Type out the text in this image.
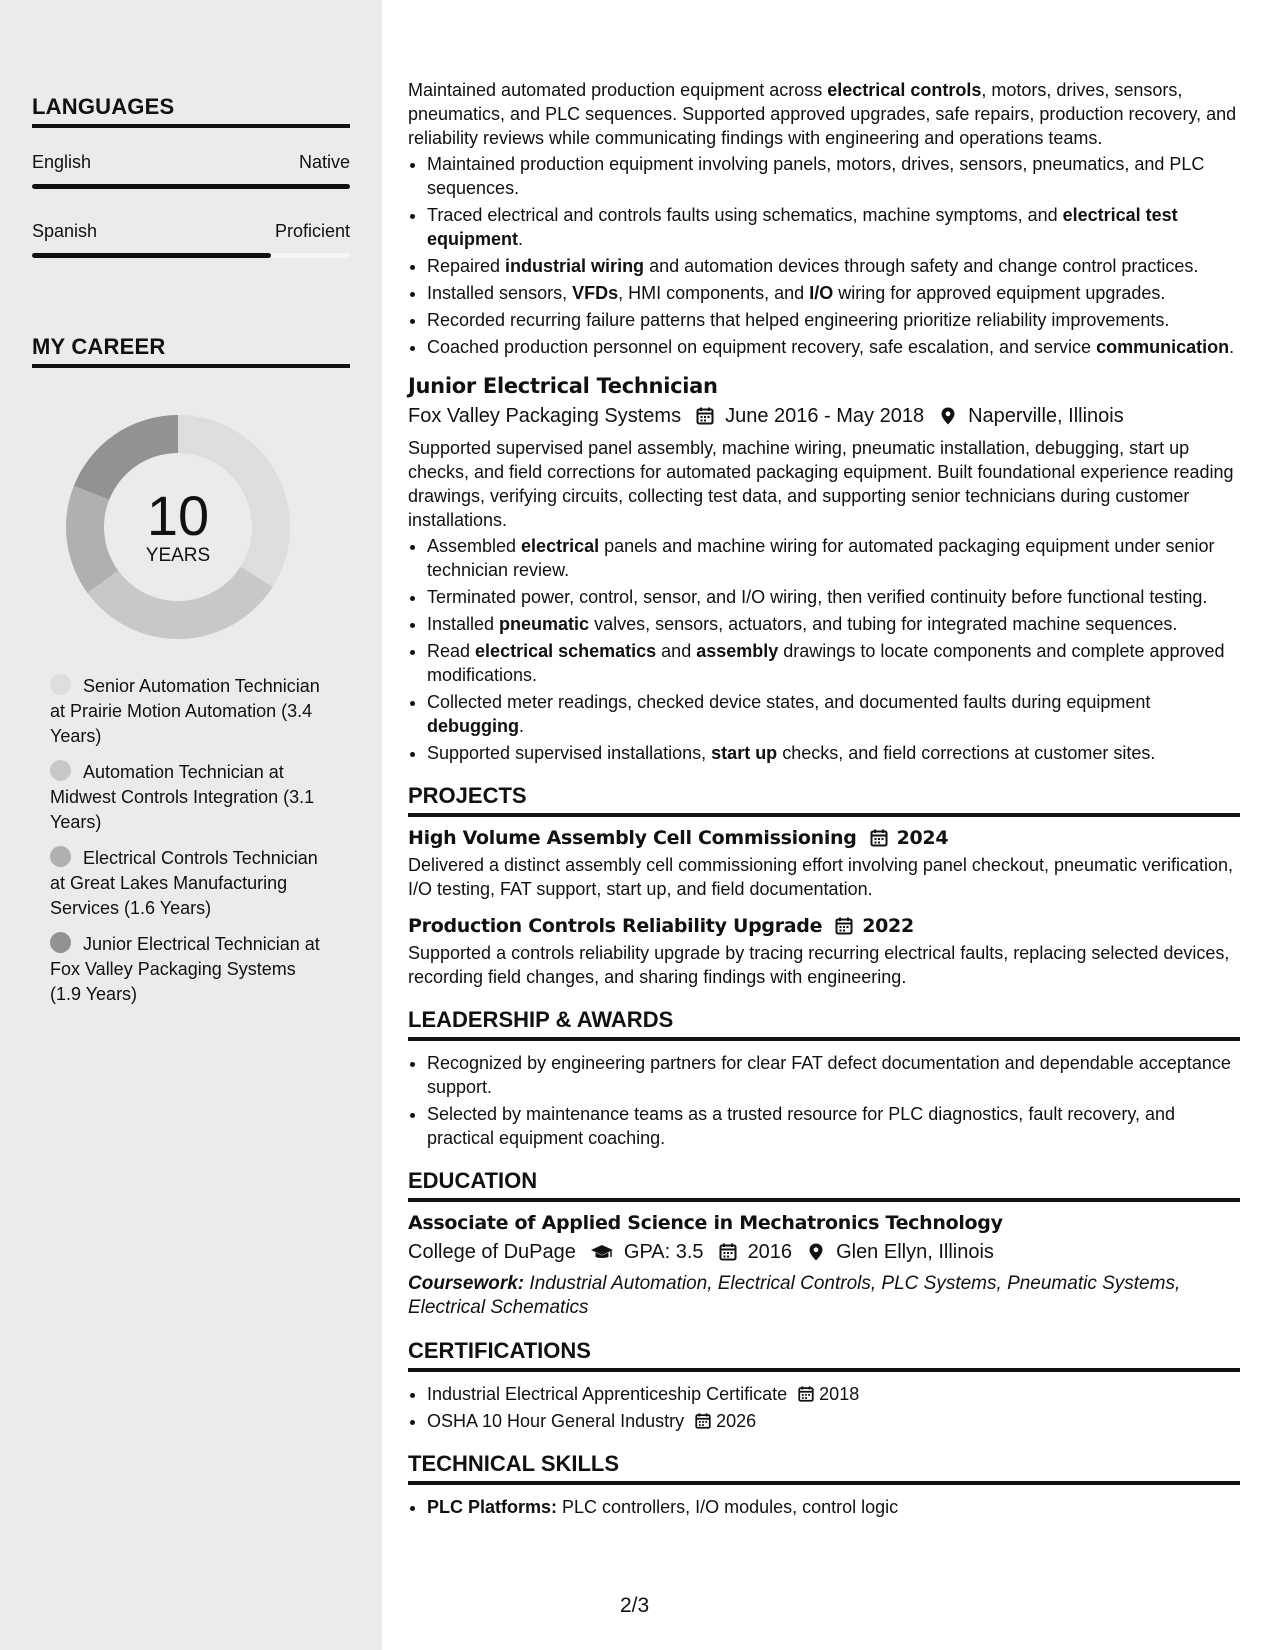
LANGUAGES
English	Native
Spanish	Proficient
MY CAREER
10
YEARS
Senior Automation Technician at Prairie Motion Automation (3.4 Years)
Automation Technician at Midwest Controls Integration (3.1 Years)
Electrical Controls Technician at Great Lakes Manufacturing Services (1.6 Years)
Junior Electrical Technician at Fox Valley Packaging Systems (1.9 Years)

Maintained automated production equipment across electrical controls, motors, drives, sensors, pneumatics, and PLC sequences. Supported approved upgrades, safe repairs, production recovery, and reliability reviews while communicating findings with engineering and operations teams.

• Maintained production equipment involving panels, motors, drives, sensors, pneumatics, and PLC sequences.
• Traced electrical and controls faults using schematics, machine symptoms, and electrical test equipment.
• Repaired industrial wiring and automation devices through safety and change control practices.
• Installed sensors, VFDs, HMI components, and I/O wiring for approved equipment upgrades.
• Recorded recurring failure patterns that helped engineering prioritize reliability improvements.
• Coached production personnel on equipment recovery, safe escalation, and service communication.
Junior Electrical Technician
Fox Valley Packaging Systems June 2016 - May 2018 Naperville, Illinois

Supported supervised panel assembly, machine wiring, pneumatic installation, debugging, start up checks, and field corrections for automated packaging equipment. Built foundational experience reading drawings, verifying circuits, collecting test data, and supporting senior technicians during customer installations.

• Assembled electrical panels and machine wiring for automated packaging equipment under senior technician review.
• Terminated power, control, sensor, and I/O wiring, then verified continuity before functional testing.
• Installed pneumatic valves, sensors, actuators, and tubing for integrated machine sequences.
• Read electrical schematics and assembly drawings to locate components and complete approved modifications.
• Collected meter readings, checked device states, and documented faults during equipment debugging.
• Supported supervised installations, start up checks, and field corrections at customer sites.
PROJECTS
High Volume Assembly Cell Commissioning 2024

Delivered a distinct assembly cell commissioning effort involving panel checkout, pneumatic verification, I/O testing, FAT support, start up, and field documentation.

Production Controls Reliability Upgrade 2022

Supported a controls reliability upgrade by tracing recurring electrical faults, replacing selected devices, recording field changes, and sharing findings with engineering.

LEADERSHIP & AWARDS
• Recognized by engineering partners for clear FAT defect documentation and dependable acceptance support.
• Selected by maintenance teams as a trusted resource for PLC diagnostics, fault recovery, and practical equipment coaching.
EDUCATION
Associate of Applied Science in Mechatronics Technology
College of DuPage GPA: 3.5 2016 Glen Ellyn, Illinois
Coursework: Industrial Automation, Electrical Controls, PLC Systems, Pneumatic Systems, Electrical Schematics
CERTIFICATIONS
• Industrial Electrical Apprenticeship Certificate 2018
• OSHA 10 Hour General Industry 2026
TECHNICAL SKILLS
• PLC Platforms: PLC controllers, I/O modules, control logic
2/3
